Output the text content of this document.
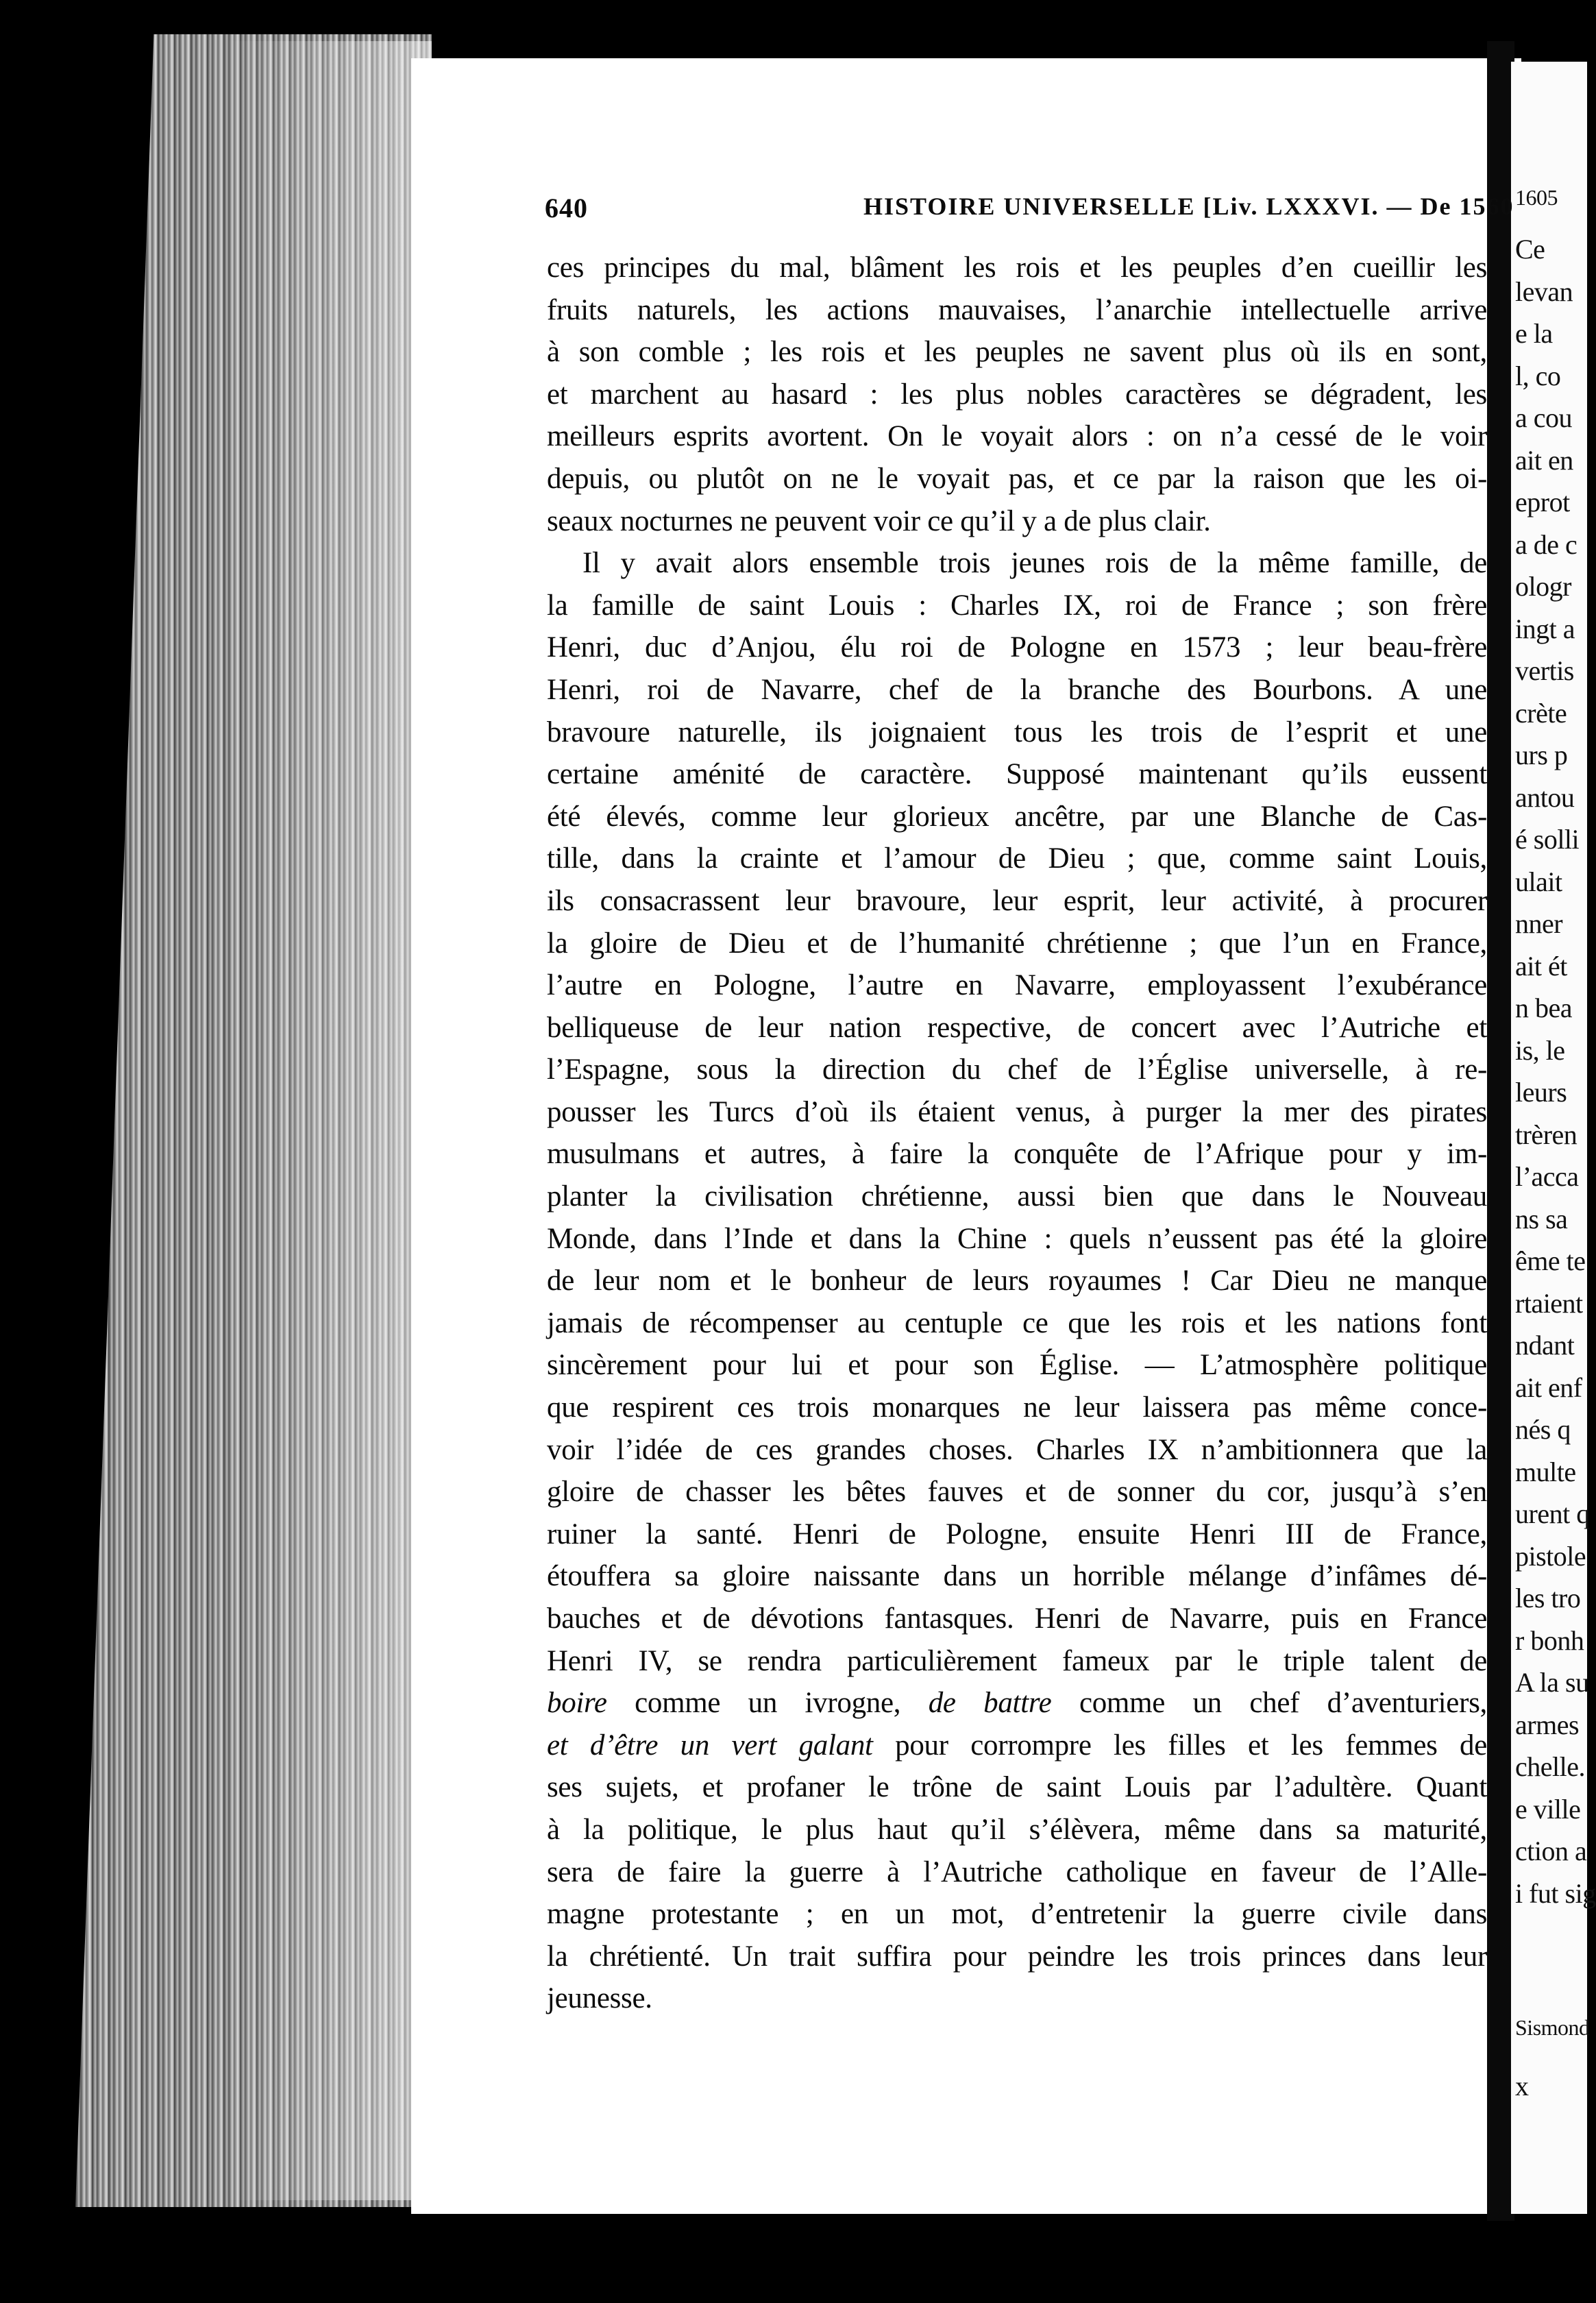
1605
Ce
levan
e la
l, co
a cou
ait en
eprot
a de c
ologr
ingt a
vertis
crète
urs p
antou
é solli
ulait
nner
ait ét
n bea
is, le
leurs
trèren
l’acca
ns sa
ême te
rtaient
ndant
ait enf
nés q
multe
urent q
pistole
les tro
r bonh
A la su
armes
chelle.
e ville
ction a
i fut sig
Sismond
x
640	HISTOIRE UNIVERSELLE [Liv. LXXXVI. — De 1560
ces principes du mal, blâment les rois et les peuples d’en cueillir les
fruits naturels, les actions mauvaises, l’anarchie intellectuelle arrive
à son comble ; les rois et les peuples ne savent plus où ils en sont,
et marchent au hasard : les plus nobles caractères se dégradent, les
meilleurs esprits avortent. On le voyait alors : on n’a cessé de le voir
depuis, ou plutôt on ne le voyait pas, et ce par la raison que les oi-
seaux nocturnes ne peuvent voir ce qu’il y a de plus clair.
Il y avait alors ensemble trois jeunes rois de la même famille, de
la famille de saint Louis : Charles IX, roi de France ; son frère
Henri, duc d’Anjou, élu roi de Pologne en 1573 ; leur beau-frère
Henri, roi de Navarre, chef de la branche des Bourbons. A une
bravoure naturelle, ils joignaient tous les trois de l’esprit et une
certaine aménité de caractère. Supposé maintenant qu’ils eussent
été élevés, comme leur glorieux ancêtre, par une Blanche de Cas-
tille, dans la crainte et l’amour de Dieu ; que, comme saint Louis,
ils consacrassent leur bravoure, leur esprit, leur activité, à procurer
la gloire de Dieu et de l’humanité chrétienne ; que l’un en France,
l’autre en Pologne, l’autre en Navarre, employassent l’exubérance
belliqueuse de leur nation respective, de concert avec l’Autriche et
l’Espagne, sous la direction du chef de l’Église universelle, à re-
pousser les Turcs d’où ils étaient venus, à purger la mer des pirates
musulmans et autres, à faire la conquête de l’Afrique pour y im-
planter la civilisation chrétienne, aussi bien que dans le Nouveau
Monde, dans l’Inde et dans la Chine : quels n’eussent pas été la gloire
de leur nom et le bonheur de leurs royaumes ! Car Dieu ne manque
jamais de récompenser au centuple ce que les rois et les nations font
sincèrement pour lui et pour son Église. — L’atmosphère politique
que respirent ces trois monarques ne leur laissera pas même conce-
voir l’idée de ces grandes choses. Charles IX n’ambitionnera que la
gloire de chasser les bêtes fauves et de sonner du cor, jusqu’à s’en
ruiner la santé. Henri de Pologne, ensuite Henri III de France,
étouffera sa gloire naissante dans un horrible mélange d’infâmes dé-
bauches et de dévotions fantasques. Henri de Navarre, puis en France
Henri IV, se rendra particulièrement fameux par le triple talent de
boire comme un ivrogne, de battre comme un chef d’aventuriers,
et d’être un vert galant pour corrompre les filles et les femmes de
ses sujets, et profaner le trône de saint Louis par l’adultère. Quant
à la politique, le plus haut qu’il s’élèvera, même dans sa maturité,
sera de faire la guerre à l’Autriche catholique en faveur de l’Alle-
magne protestante ; en un mot, d’entretenir la guerre civile dans
la chrétienté. Un trait suffira pour peindre les trois princes dans leur
jeunesse.
